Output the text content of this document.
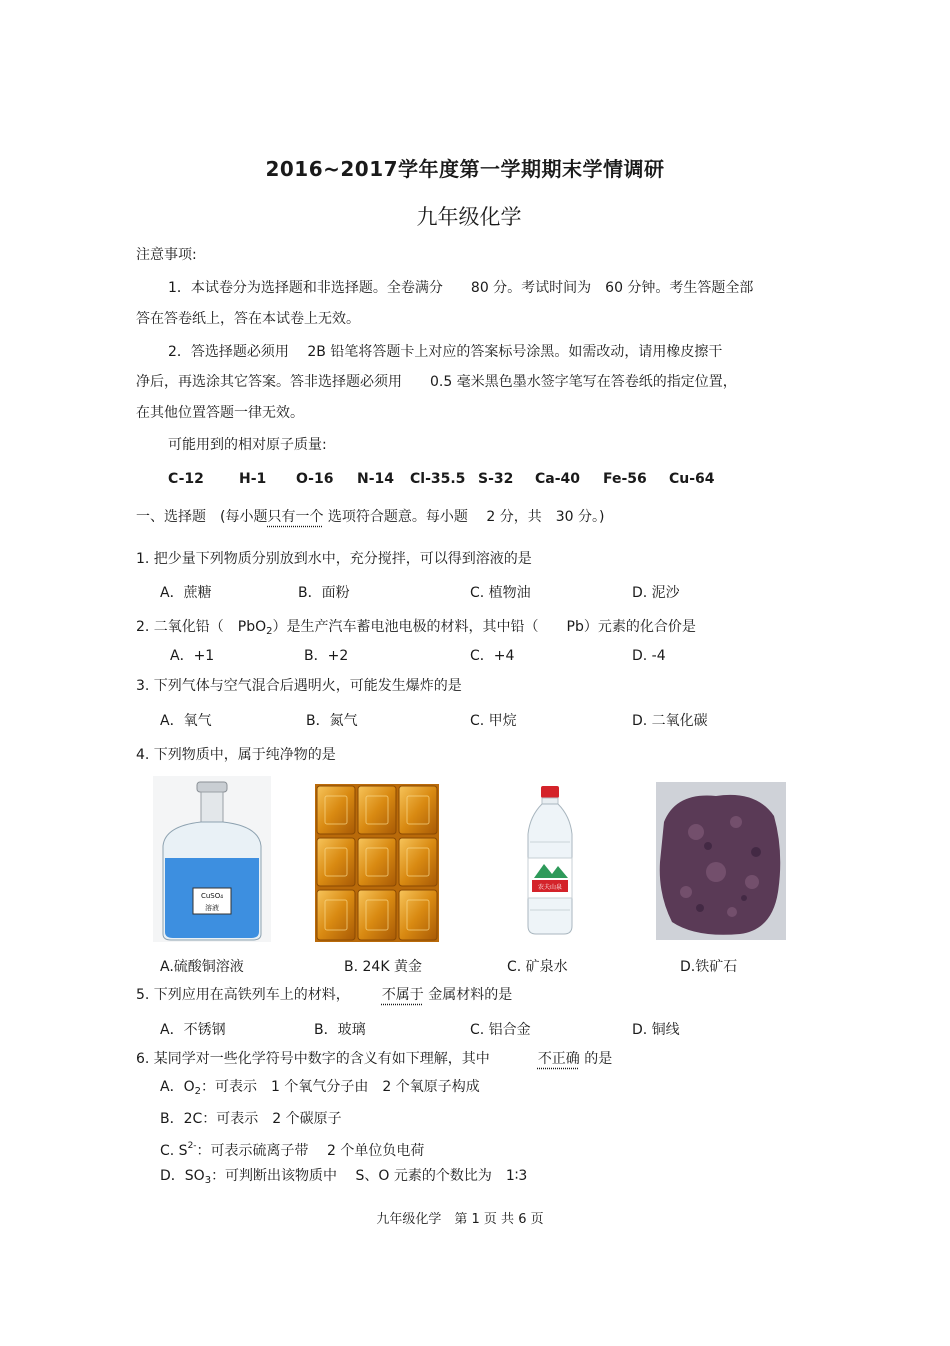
2016~2017学年度第一学期期末学情调研
九年级化学
注意事项:
1．本试卷分为选择题和非选择题。全卷满分　　80 分。考试时间为　60 分钟。考生答题全部
答在答卷纸上，答在本试卷上无效。
2．答选择题必须用　 2B 铅笔将答题卡上对应的答案标号涂黑。如需改动，请用橡皮擦干
净后，再选涂其它答案。答非选择题必须用　　0.5 毫米黑色墨水签字笔写在答卷纸的指定位置，
在其他位置答题一律无效。
可能用到的相对原子质量:
C-12	H-1 O-16 N-14 Cl-35.5 S-32 Ca-40 Fe-56 Cu-64
一、选择题　(每小题只有一个 选项符合题意。每小题　 2 分，共　30 分。)
1. 把少量下列物质分别放到水中，充分搅拌，可以得到溶液的是
A．蔗糖	B．面粉	C. 植物油	D. 泥沙
2. 二氧化铅（　PbO$_2$）是生产汽车蓄电池电极的材料，其中铅（　　Pb）元素的化合价是
A．+1	B．+2	C．+4	D. -4
3. 下列气体与空气混合后遇明火，可能发生爆炸的是
A．氧气	B．氮气	C. 甲烷	D. 二氧化碳
4. 下列物质中，属于纯净物的是
CuSO₄
溶液
农夫山泉
A.硫酸铜溶液	B. 24K 黄金	C. 矿泉水	D.铁矿石
5. 下列应用在高铁列车上的材料， 不属于 金属材料的是
A．不锈钢	B．玻璃	C. 铝合金	D. 铜线
6. 某同学对一些化学符号中数字的含义有如下理解，其中	不正确 的是
A．$O_2$：可表示　1 个氧气分子由　2 个氧原子构成
B．2C：可表示　2 个碳原子
C. $S^{2-}$：可表示硫离子带　 2 个单位负电荷
D．$SO_3$：可判断出该物质中　 S、O 元素的个数比为　1∶3
九年级化学　第 1 页 共 6 页
